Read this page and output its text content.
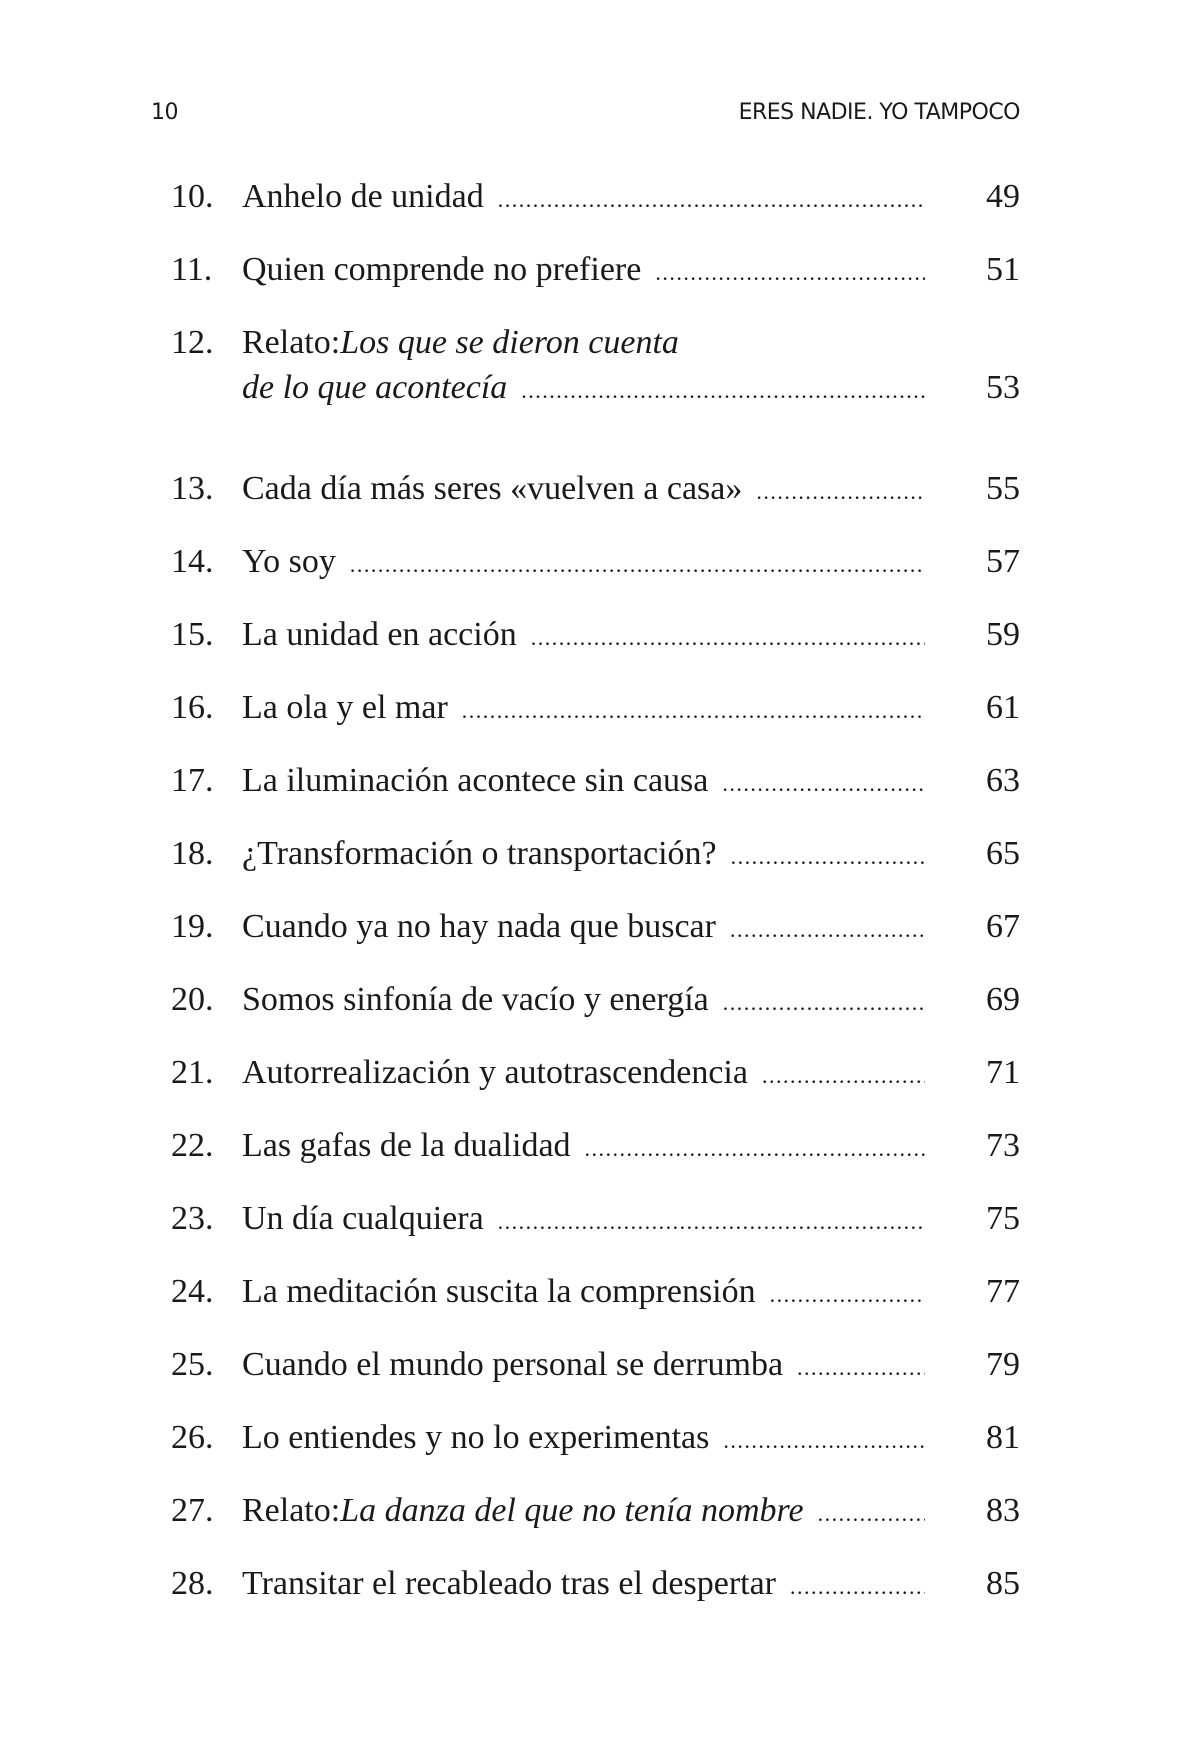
10	ERES NADIE. YO TAMPOCO
10. Anhelo de unidad .....	49
11. Quien comprende no prefiere .....	51
12. Relato: Los que se dieron cuenta
de lo que acontecía .....	53
13. Cada día más seres «vuelven a casa» .....	55
14. Yo soy .....	57
15. La unidad en acción .....	59
16. La ola y el mar .....	61
17. La iluminación acontece sin causa .....	63
18. ¿Transformación o transportación? .....	65
19. Cuando ya no hay nada que buscar .....	67
20. Somos sinfonía de vacío y energía .....	69
21. Autorrealización y autotrascendencia .....	71
22. Las gafas de la dualidad .....	73
23. Un día cualquiera .....	75
24. La meditación suscita la comprensión .....	77
25. Cuando el mundo personal se derrumba .....	79
26. Lo entiendes y no lo experimentas .....	81
27. Relato: La danza del que no tenía nombre .....	83
28. Transitar el recableado tras el despertar .....	85
